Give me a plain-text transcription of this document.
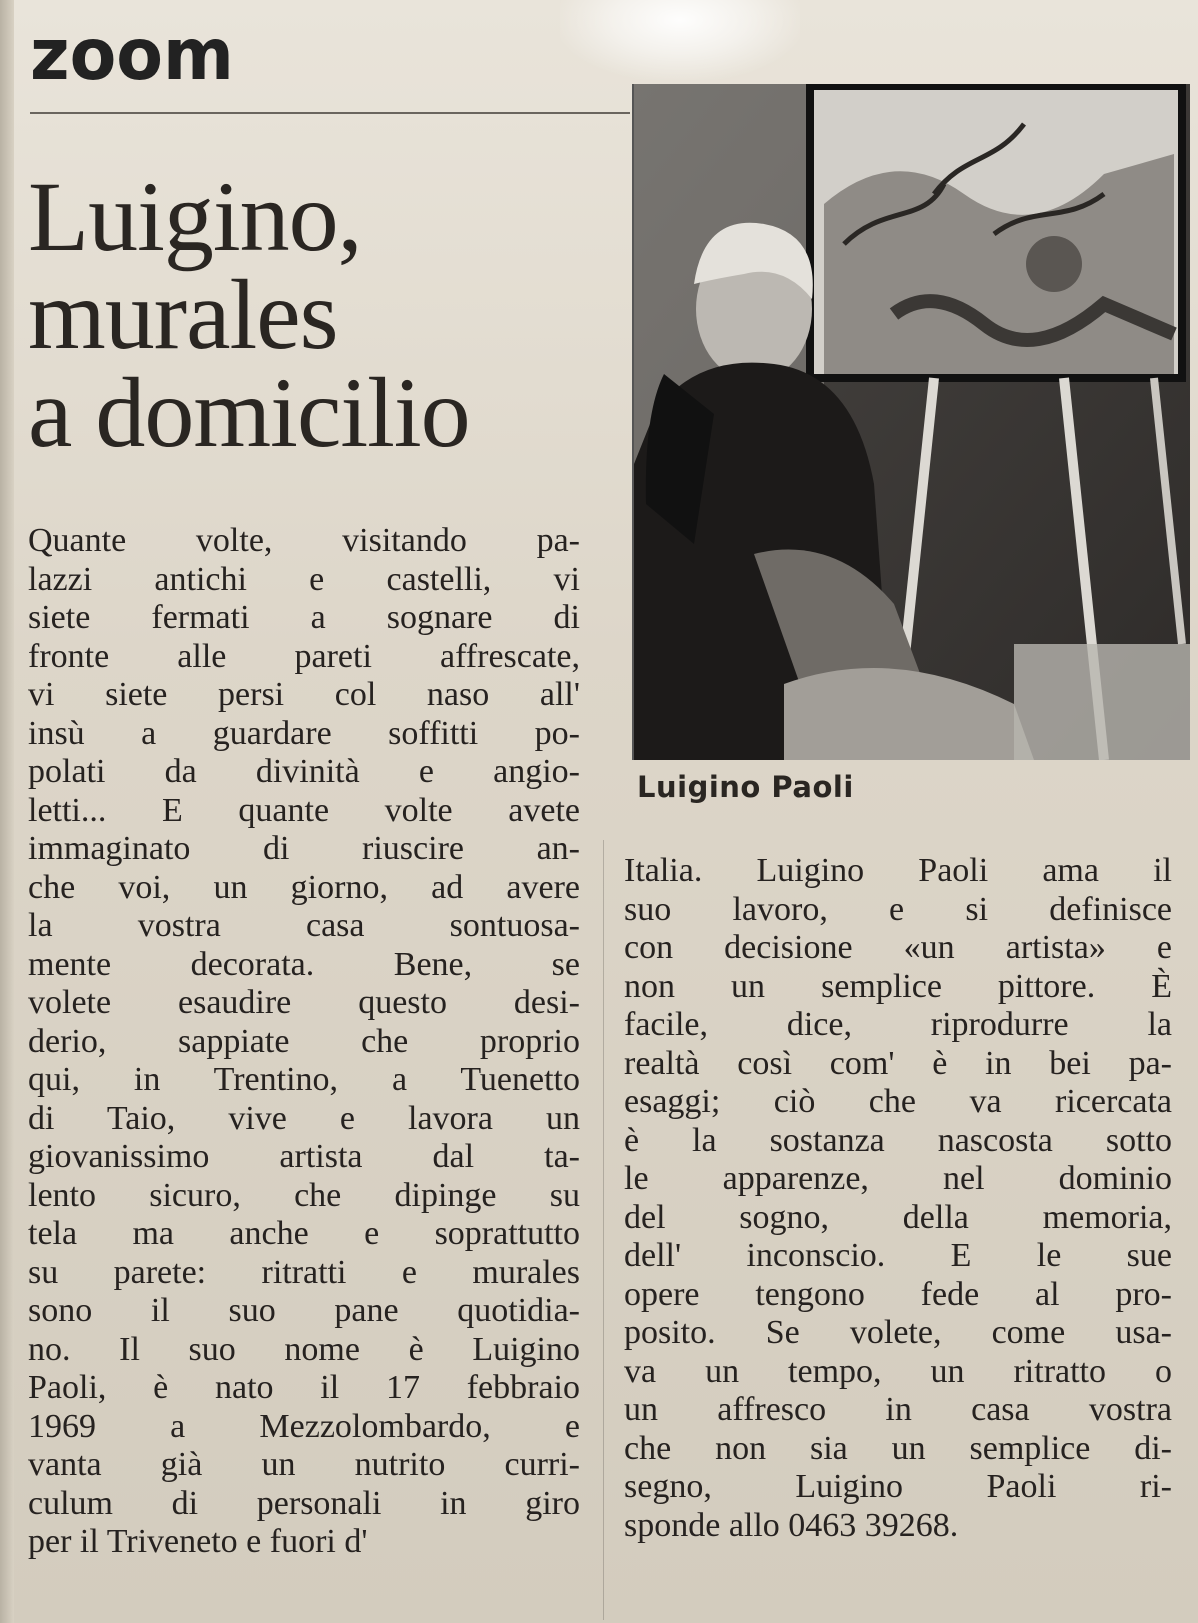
zoom
Luigino,
murales
a domicilio
Quante volte, visitando pa-
lazzi antichi e castelli, vi
siete fermati a sognare di
fronte alle pareti affrescate,
vi siete persi col naso all'
insù a guardare soffitti po-
polati da divinità e angio-
letti... E quante volte avete
immaginato di riuscire an-
che voi, un giorno, ad avere
la vostra casa sontuosa-
mente decorata. Bene, se
volete esaudire questo desi-
derio, sappiate che proprio
qui, in Trentino, a Tuenetto
di Taio, vive e lavora un
giovanissimo artista dal ta-
lento sicuro, che dipinge su
tela ma anche e soprattutto
su parete: ritratti e murales
sono il suo pane quotidia-
no. Il suo nome è Luigino
Paoli, è nato il 17 febbraio
1969 a Mezzolombardo, e
vanta già un nutrito curri-
culum di personali in giro
per il Triveneto e fuori d'
Luigino Paoli
Italia. Luigino Paoli ama il
suo lavoro, e si definisce
con decisione «un artista» e
non un semplice pittore. È
facile, dice, riprodurre la
realtà così com' è in bei pa-
esaggi; ciò che va ricercata
è la sostanza nascosta sotto
le apparenze, nel dominio
del sogno, della memoria,
dell' inconscio. E le sue
opere tengono fede al pro-
posito. Se volete, come usa-
va un tempo, un ritratto o
un affresco in casa vostra
che non sia un semplice di-
segno, Luigino Paoli ri-
sponde allo 0463 39268.
